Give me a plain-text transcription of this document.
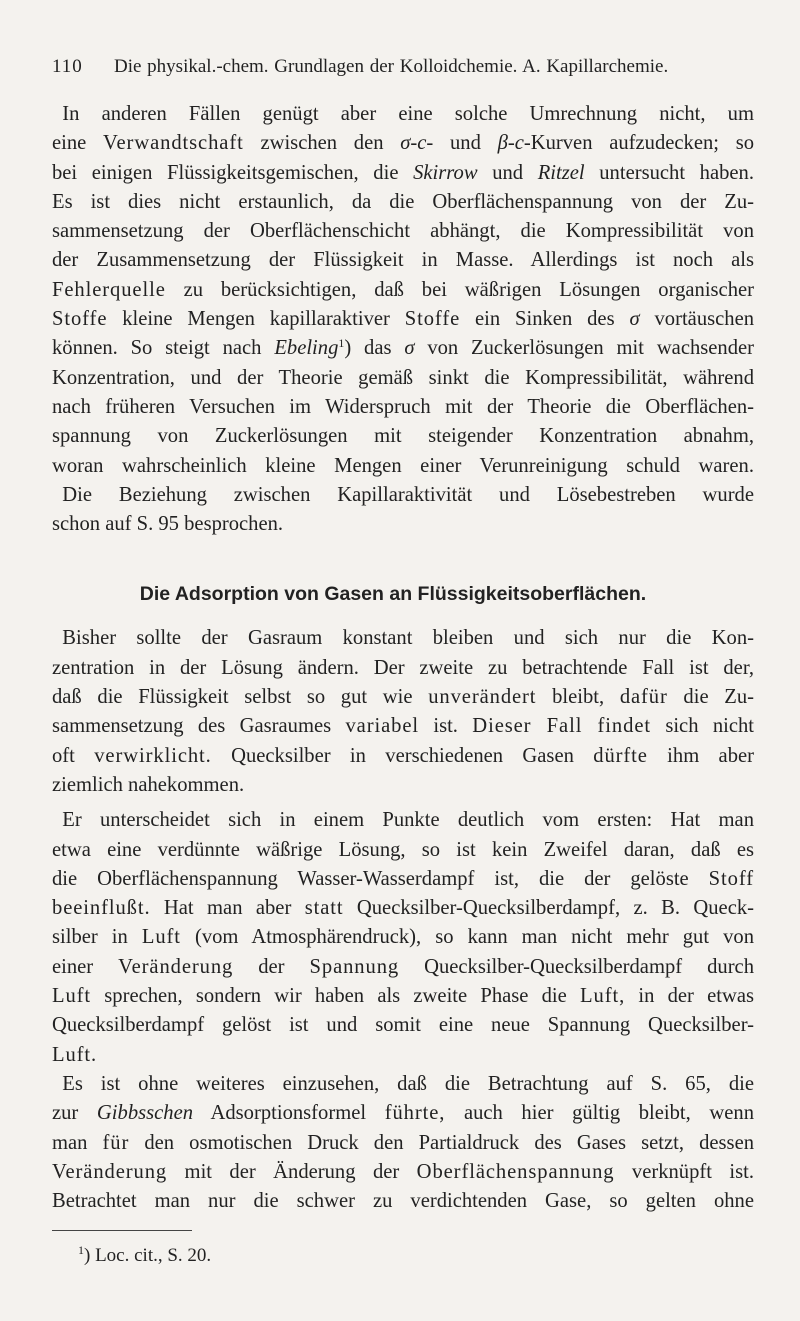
110	Die physikal.-chem. Grundlagen der Kolloidchemie. A. Kapillarchemie.
In anderen Fällen genügt aber eine solche Umrechnung nicht, um
eine Verwandtschaft zwischen den σ-c- und β-c-Kurven aufzudecken; so
bei einigen Flüssigkeitsgemischen, die Skirrow und Ritzel untersucht haben.
Es ist dies nicht erstaunlich, da die Oberflächenspannung von der Zu-
sammensetzung der Oberflächenschicht abhängt, die Kompressibilität von
der Zusammensetzung der Flüssigkeit in Masse. Allerdings ist noch als
Fehlerquelle zu berücksichtigen, daß bei wäßrigen Lösungen organischer
Stoffe kleine Mengen kapillaraktiver Stoffe ein Sinken des σ vortäuschen
können. So steigt nach Ebeling$^1$) das σ von Zuckerlösungen mit wachsender
Konzentration, und der Theorie gemäß sinkt die Kompressibilität, während
nach früheren Versuchen im Widerspruch mit der Theorie die Oberflächen-
spannung von Zuckerlösungen mit steigender Konzentration abnahm,
woran wahrscheinlich kleine Mengen einer Verunreinigung schuld waren.
Die Beziehung zwischen Kapillaraktivität und Lösebestreben wurde
schon auf S. 95 besprochen.
Die Adsorption von Gasen an Flüssigkeitsoberflächen.
Bisher sollte der Gasraum konstant bleiben und sich nur die Kon-
zentration in der Lösung ändern. Der zweite zu betrachtende Fall ist der,
daß die Flüssigkeit selbst so gut wie unverändert bleibt, dafür die Zu-
sammensetzung des Gasraumes variabel ist. Dieser Fall findet sich nicht
oft verwirklicht. Quecksilber in verschiedenen Gasen dürfte ihm aber
ziemlich nahekommen.
Er unterscheidet sich in einem Punkte deutlich vom ersten: Hat man
etwa eine verdünnte wäßrige Lösung, so ist kein Zweifel daran, daß es
die Oberflächenspannung Wasser-Wasserdampf ist, die der gelöste Stoff
beeinflußt. Hat man aber statt Quecksilber-Quecksilberdampf, z. B. Queck-
silber in Luft (vom Atmosphärendruck), so kann man nicht mehr gut von
einer Veränderung der Spannung Quecksilber-Quecksilberdampf durch
Luft sprechen, sondern wir haben als zweite Phase die Luft, in der etwas
Quecksilberdampf gelöst ist und somit eine neue Spannung Quecksilber-
Luft.
Es ist ohne weiteres einzusehen, daß die Betrachtung auf S. 65, die
zur Gibbsschen Adsorptionsformel führte, auch hier gültig bleibt, wenn
man für den osmotischen Druck den Partialdruck des Gases setzt, dessen
Veränderung mit der Änderung der Oberflächenspannung verknüpft ist.
Betrachtet man nur die schwer zu verdichtenden Gase, so gelten ohne
$^1$) Loc. cit., S. 20.
